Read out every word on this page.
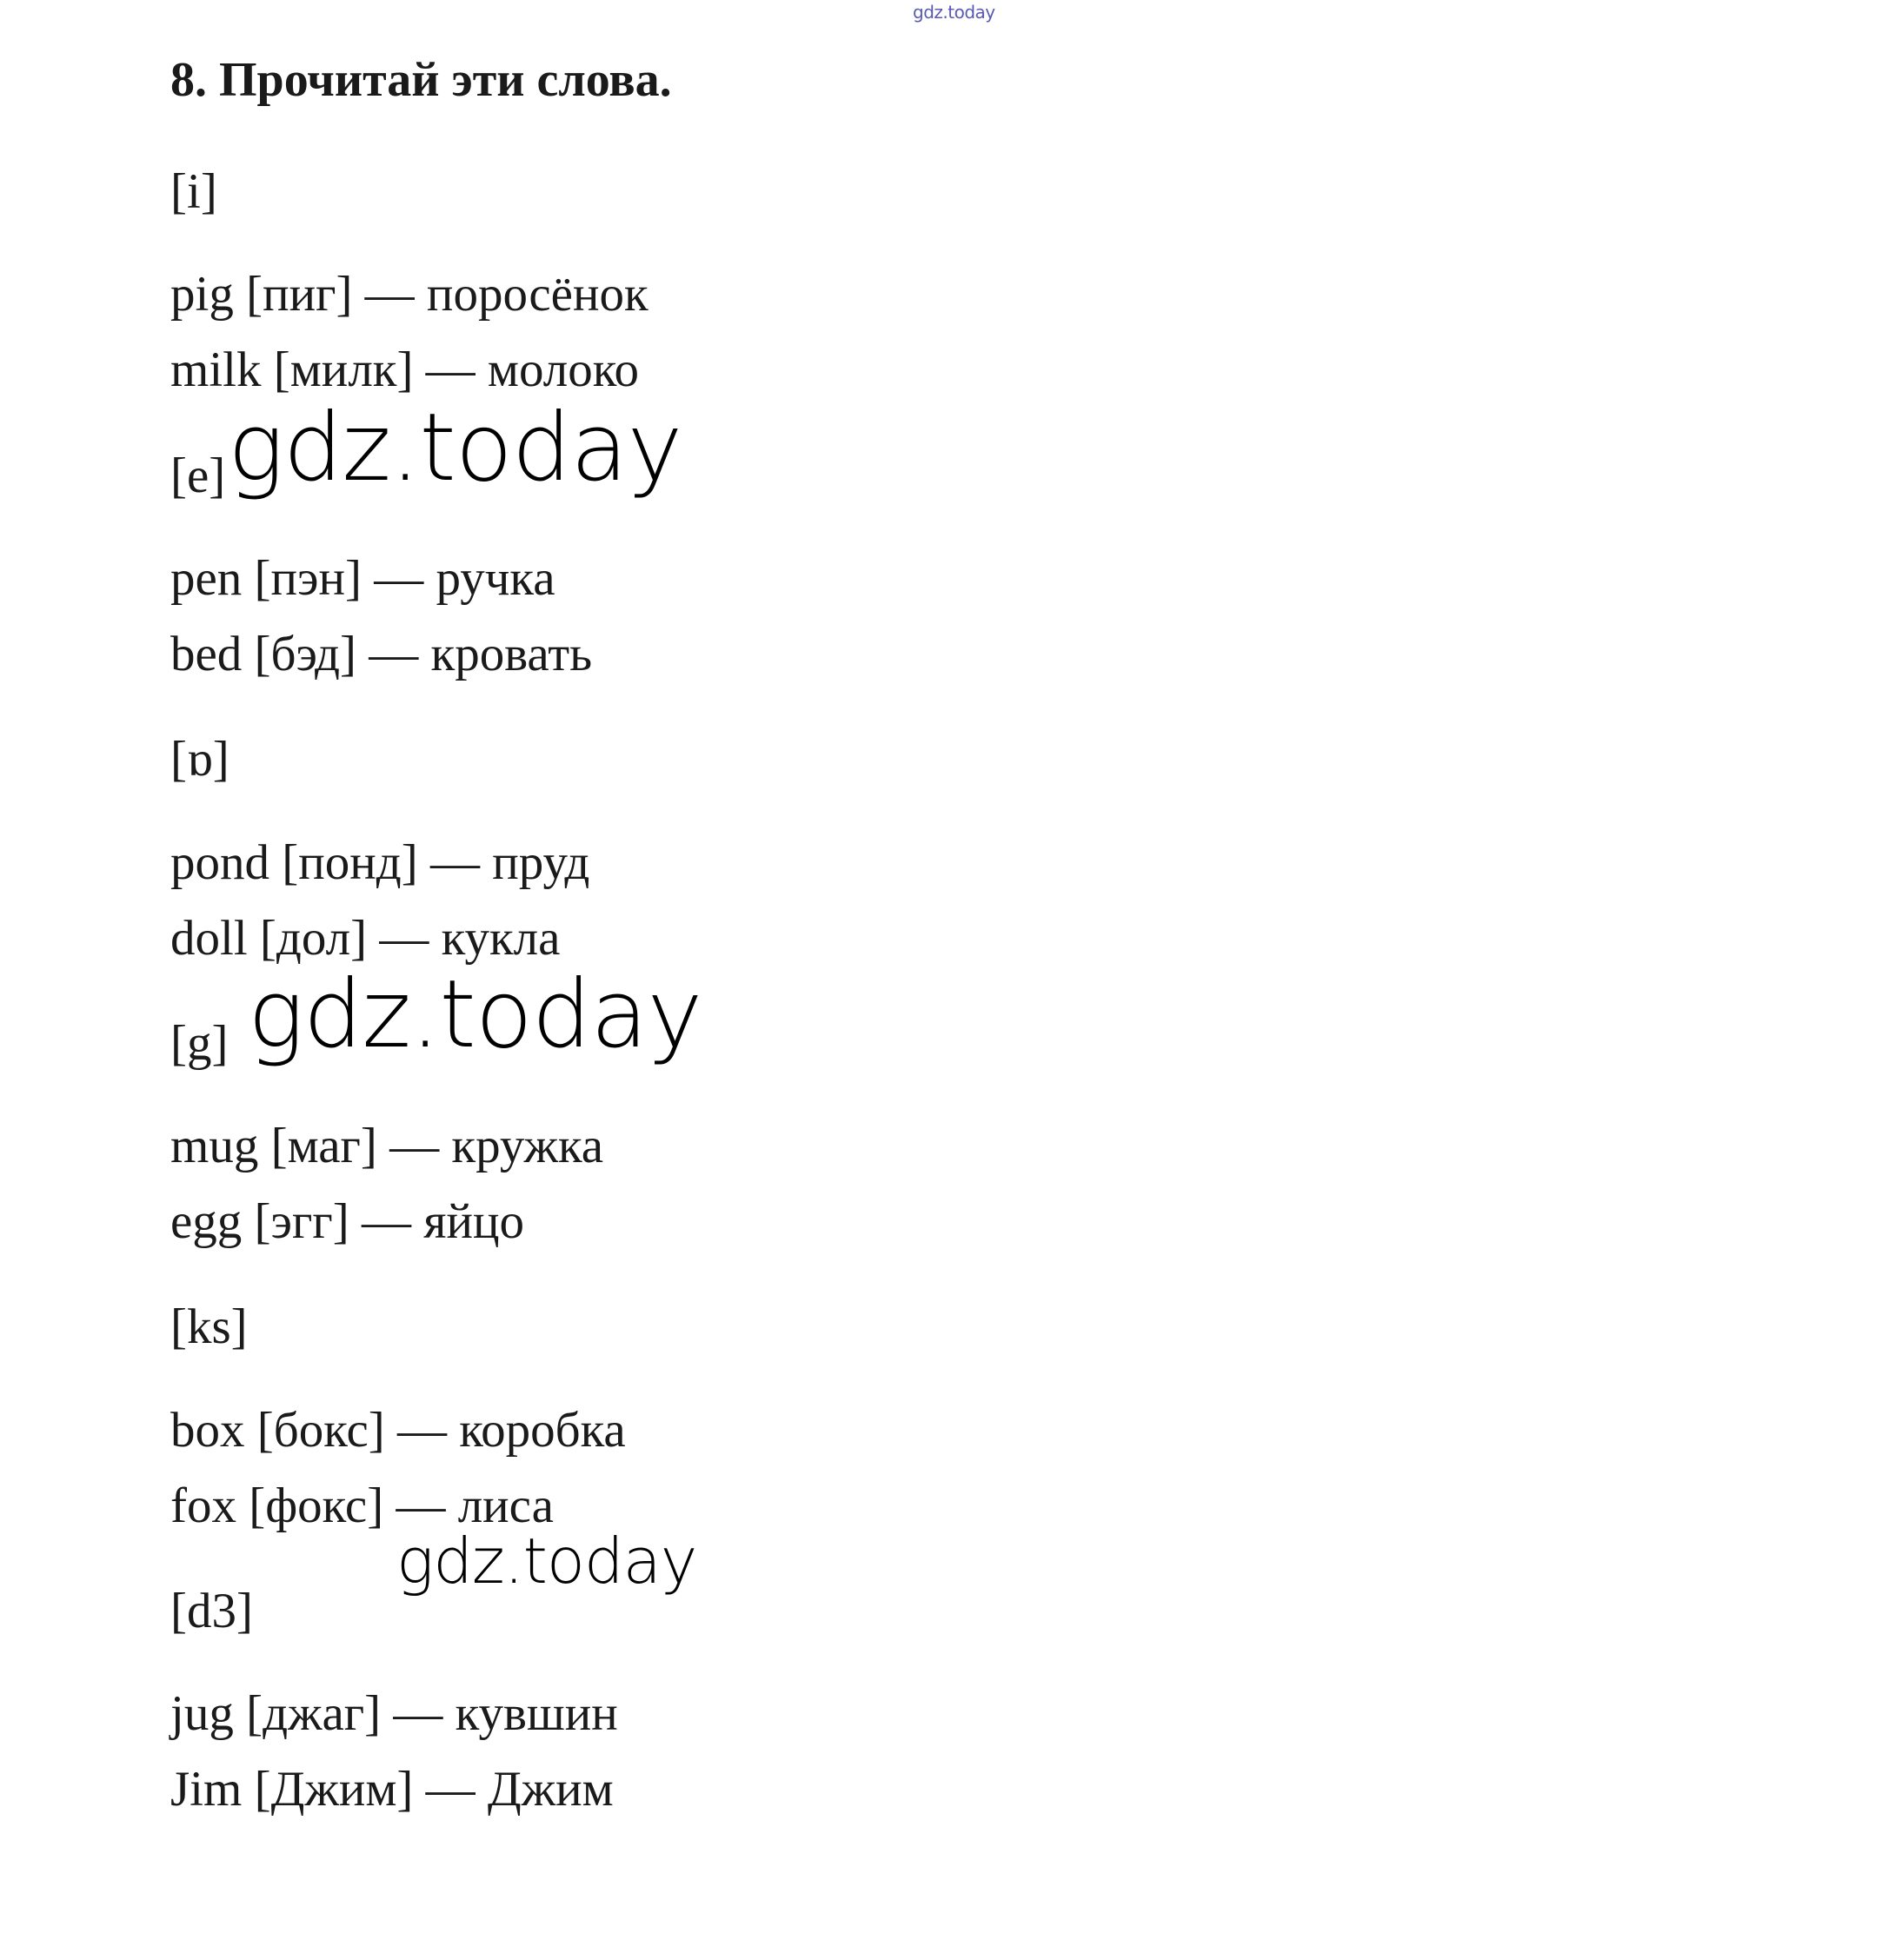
gdz.today
8. Прочитай эти слова.
[i]
pig [пиг] — поросёнок
milk [милк] — молоко
[e]
pen [пэн] — ручка
bed [бэд] — кровать
[ɒ]
pond [понд] — пруд
doll [дол] — кукла
[g]
mug [маг] — кружка
egg [эгг] — яйцо
[ks]
box [бокс] — коробка
fox [фокс] — лиса
[d3]
jug [джаг] — кувшин
Jim [Джим] — Джим
gdz.today
gdz.today
gdz.today
